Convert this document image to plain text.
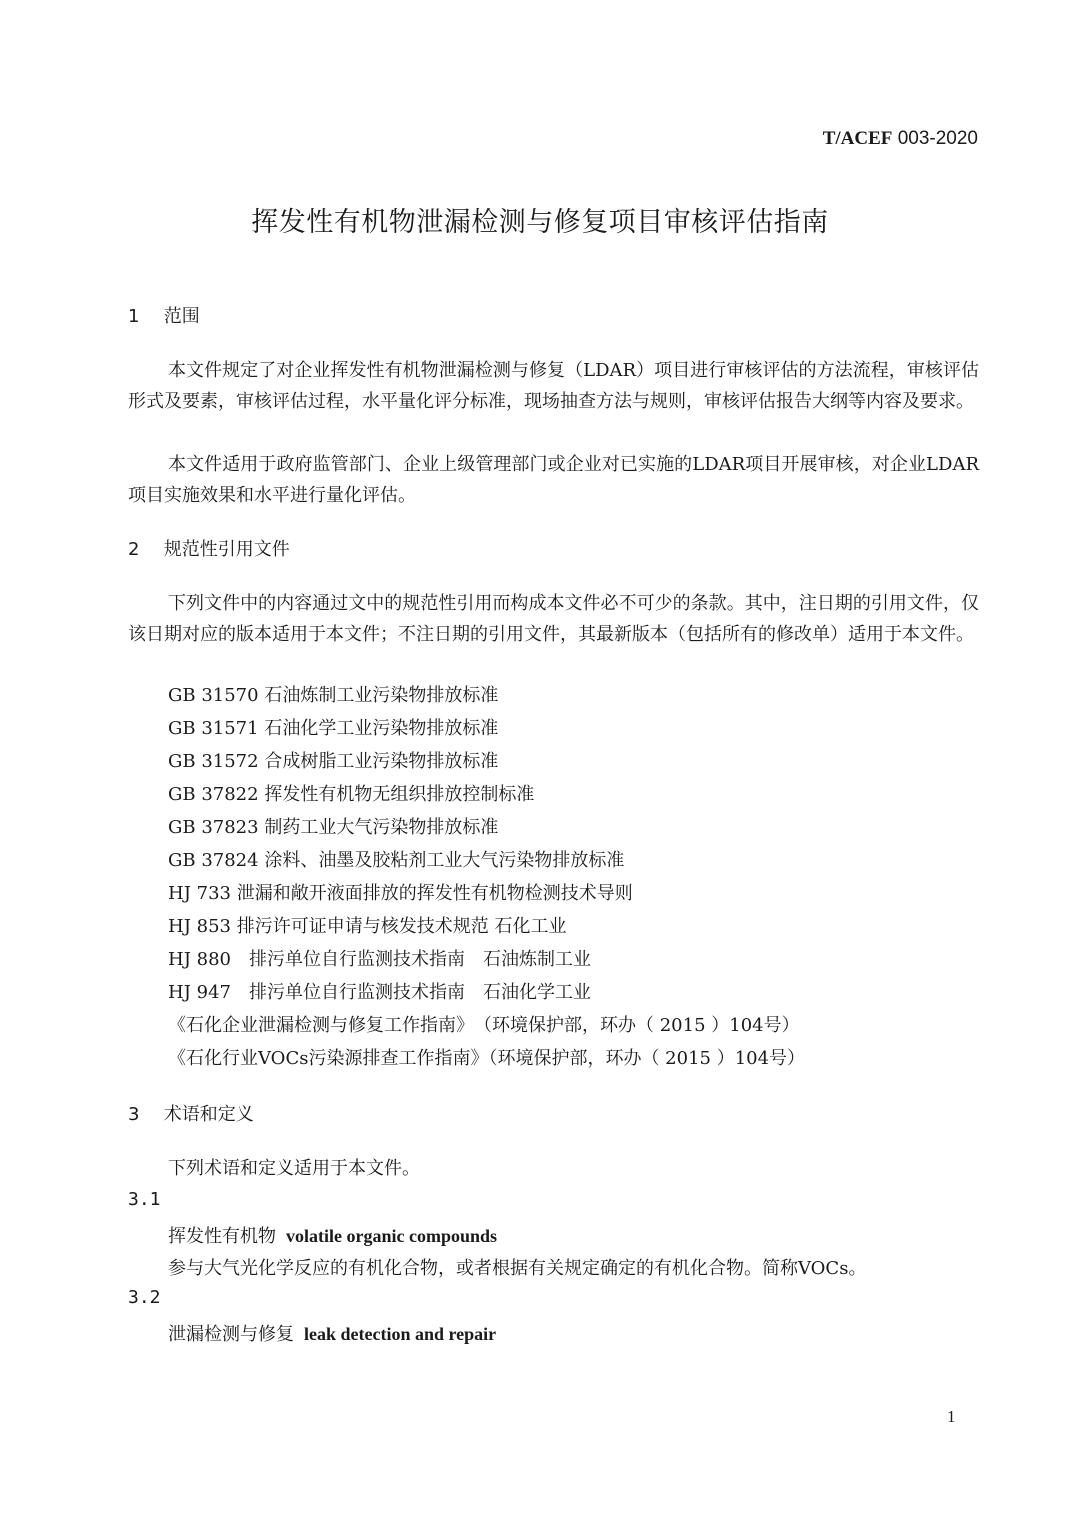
T/ACEF 003-2020
挥发性有机物泄漏检测与修复项目审核评估指南
1 范围

本文件规定了对企业挥发性有机物泄漏检测与修复（LDAR）项目进行审核评估的方法流程，审核评估形式及要素，审核评估过程，水平量化评分标准，现场抽查方法与规则，审核评估报告大纲等内容及要求。

本文件适用于政府监管部门、企业上级管理部门或企业对已实施的LDAR项目开展审核，对企业LDAR项目实施效果和水平进行量化评估。

2 规范性引用文件

下列文件中的内容通过文中的规范性引用而构成本文件必不可少的条款。其中，注日期的引用文件，仅该日期对应的版本适用于本文件；不注日期的引用文件，其最新版本（包括所有的修改单）适用于本文件。

GB 31570 石油炼制工业污染物排放标准
GB 31571 石油化学工业污染物排放标准
GB 31572 合成树脂工业污染物排放标准
GB 37822 挥发性有机物无组织排放控制标准
GB 37823 制药工业大气污染物排放标准
GB 37824 涂料、油墨及胶粘剂工业大气污染物排放标准
HJ 733 泄漏和敞开液面排放的挥发性有机物检测技术导则
HJ 853 排污许可证申请与核发技术规范 石化工业
HJ 880　 排污单位自行监测技术指南　石油炼制工业
HJ 947　 排污单位自行监测技术指南　石油化学工业
《石化企业泄漏检测与修复工作指南》　（环境保护部，环办（ 2015 ）104号）
《石化行业VOCs污染源排查工作指南》（环境保护部，环办（ 2015 ）104号）
3 术语和定义

下列术语和定义适用于本文件。

3.1
挥发性有机物 volatile organic compounds
参与大气光化学反应的有机化合物，或者根据有关规定确定的有机化合物。简称VOCs。
3.2
泄漏检测与修复 leak detection and repair
1
